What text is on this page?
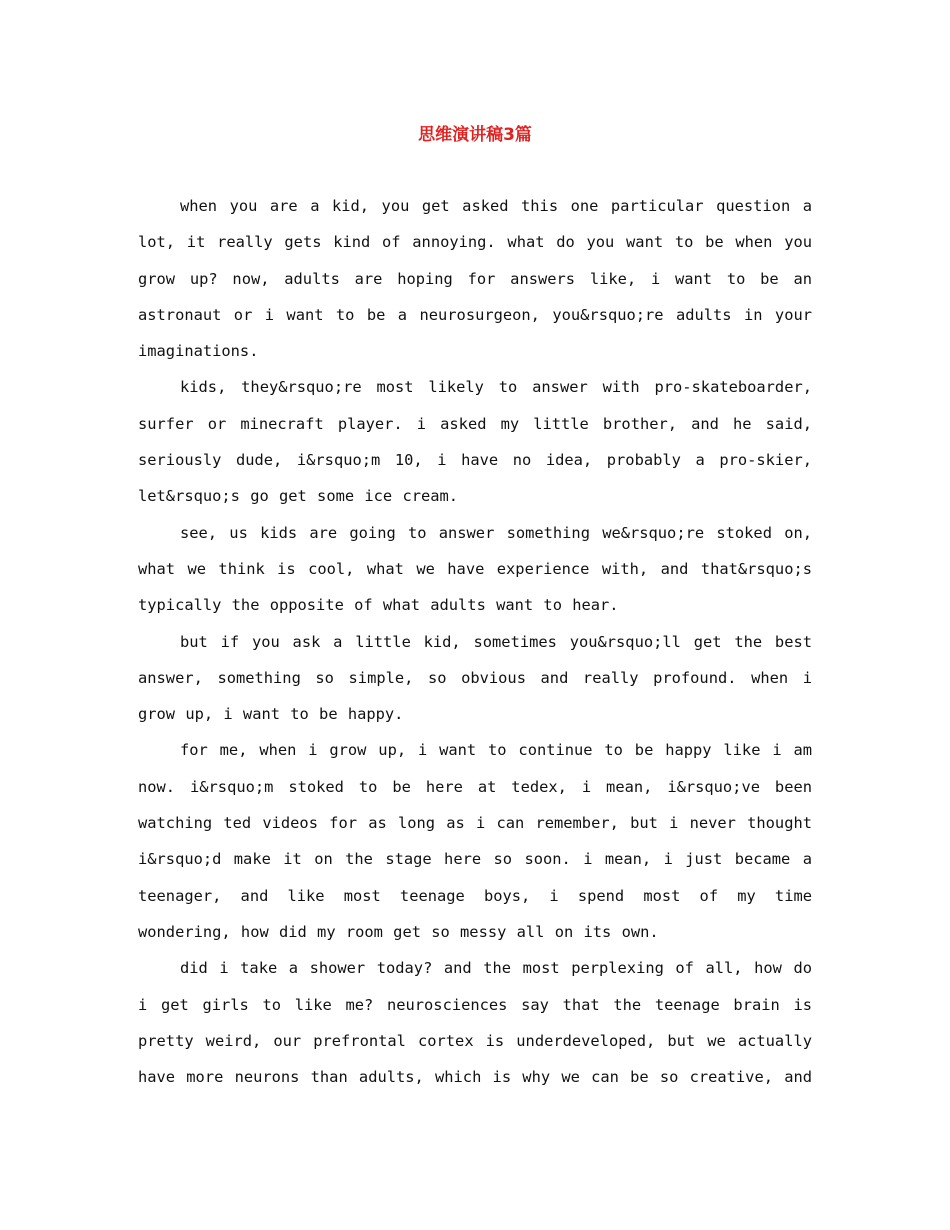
思维演讲稿3篇

when you are a kid, you get asked this one particular question a lot, it really gets kind of annoying. what do you want to be when you grow up? now, adults are hoping for answers like, i want to be an astronaut or i want to be a neurosurgeon, you&rsquo;re adults in your imaginations.

kids, they&rsquo;re most likely to answer with pro-skateboarder, surfer or minecraft player. i asked my little brother, and he said, seriously dude, i&rsquo;m 10, i have no idea, probably a pro-skier, let&rsquo;s go get some ice cream.

see, us kids are going to answer something we&rsquo;re stoked on, what we think is cool, what we have experience with, and that&rsquo;s typically the opposite of what adults want to hear.

but if you ask a little kid, sometimes you&rsquo;ll get the best answer, something so simple, so obvious and really profound. when i grow up, i want to be happy.

for me, when i grow up, i want to continue to be happy like i am now. i&rsquo;m stoked to be here at tedex, i mean, i&rsquo;ve been watching ted videos for as long as i can remember, but i never thought i&rsquo;d make it on the stage here so soon. i mean, i just became a teenager, and like most teenage boys, i spend most of my time wondering, how did my room get so messy all on its own.

did i take a shower today? and the most perplexing of all, how do i get girls to like me? neurosciences say that the teenage brain is pretty weird, our prefrontal cortex is underdeveloped, but we actually have more neurons than adults, which is why we can be so creative, and
